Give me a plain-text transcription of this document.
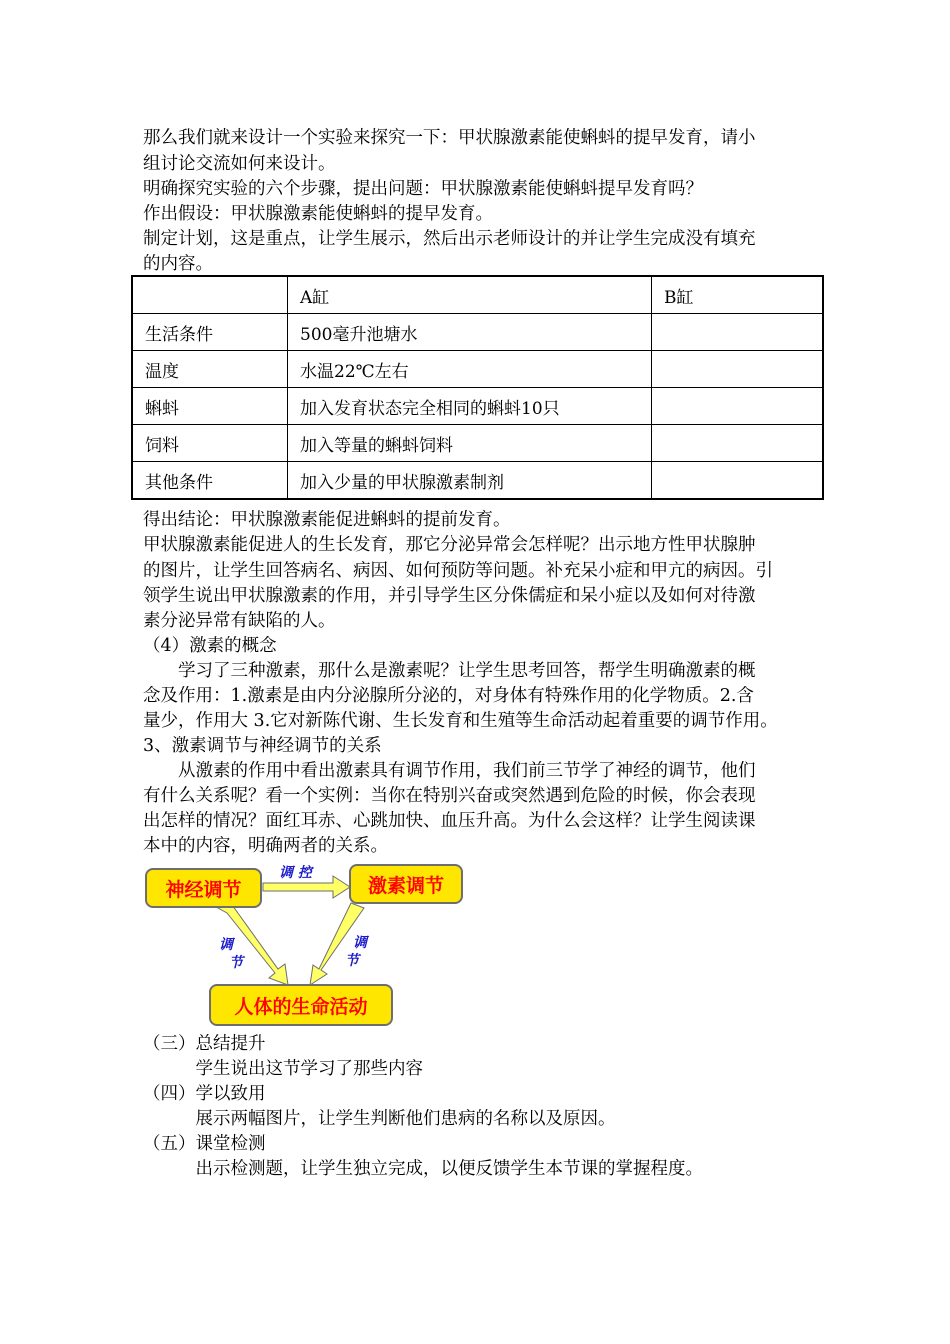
那么我们就来设计一个实验来探究一下：甲状腺激素能使蝌蚪的提早发育，请小
组讨论交流如何来设计。
明确探究实验的六个步骤，提出问题：甲状腺激素能使蝌蚪提早发育吗？
作出假设：甲状腺激素能使蝌蚪的提早发育。
制定计划，这是重点，让学生展示，然后出示老师设计的并让学生完成没有填充
的内容。
	A缸	B缸
生活条件	500毫升池塘水	
温度	水温22℃左右	
蝌蚪	加入发育状态完全相同的蝌蚪10只	
饲料	加入等量的蝌蚪饲料	
其他条件	加入少量的甲状腺激素制剂	
得出结论：甲状腺激素能促进蝌蚪的提前发育。
甲状腺激素能促进人的生长发育，那它分泌异常会怎样呢？出示地方性甲状腺肿
的图片，让学生回答病名、病因、如何预防等问题。补充呆小症和甲亢的病因。引
领学生说出甲状腺激素的作用，并引导学生区分侏儒症和呆小症以及如何对待激
素分泌异常有缺陷的人。
（4）激素的概念
　　学习了三种激素，那什么是激素呢？让学生思考回答，帮学生明确激素的概
念及作用：1.激素是由内分泌腺所分泌的，对身体有特殊作用的化学物质。2.含
量少，作用大 3.它对新陈代谢、生长发育和生殖等生命活动起着重要的调节作用。
3、激素调节与神经调节的关系
　　从激素的作用中看出激素具有调节作用，我们前三节学了神经的调节，他们
有什么关系呢？看一个实例：当你在特别兴奋或突然遇到危险的时候，你会表现
出怎样的情况？面红耳赤、心跳加快、血压升高。为什么会这样？让学生阅读课
本中的内容，明确两者的关系。
神经调节	激素调节
人体的生命活动
调 控
调
节
调
节
（三）总结提升
　　　学生说出这节学习了那些内容
（四）学以致用
　　　展示两幅图片，让学生判断他们患病的名称以及原因。
（五）课堂检测
　　　出示检测题，让学生独立完成，以便反馈学生本节课的掌握程度。
